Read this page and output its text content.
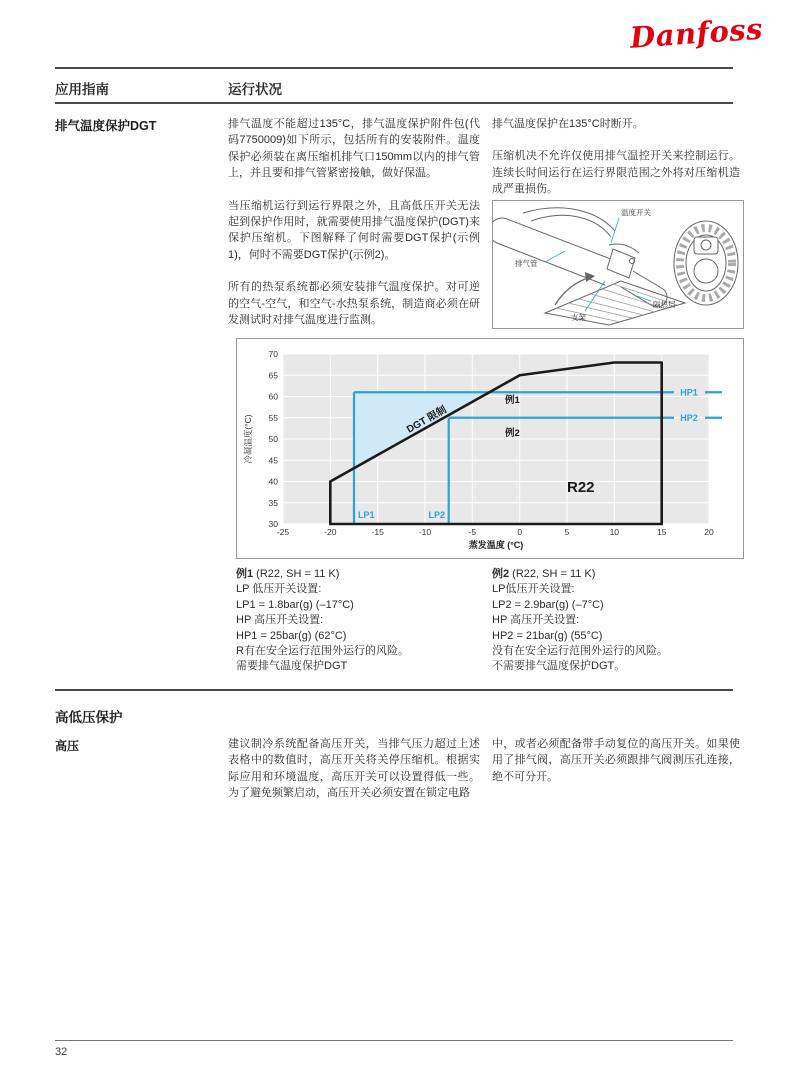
Danfoss
应用指南	运行状况
排气温度保护DGT	排气温度不能超过135°C，排气温度保护附件包(代码7750009)如下所示，包括所有的安装附件。温度保护必须装在离压缩机排气口150mm以内的排气管上，并且要和排气管紧密接触，做好保温。

当压缩机运行到运行界限之外，且高低压开关无法起到保护作用时，就需要使用排气温度保护(DGT)来保护压缩机。下图解释了何时需要DGT保护(示例1)，何时不需要DGT保护(示例2)。

所有的热泵系统都必须安装排气温度保护。对可逆的空气-空气，和空气-水热泵系统，制造商必须在研发测试时对排气温度进行监测。

排气温度保护在135°C时断开。

压缩机决不允许仅使用排气温控开关来控制运行。连续长时间运行在运行界限范围之外将对压缩机造成严重损伤。

温度开关
排气管
支架
隔热层
70
65
60
55
50
45
40
35
30
-25	-20	-15	-10	-5	0	5	10	15	20
冷凝温度(°C)
蒸发温度 (°C)
HP1
HP2
LP1	LP2
DGT 限制
例1
例2
R22
例1 (R22, SH = 11 K)
LP 低压开关设置:
LP1 = 1.8bar(g) (–17°C)
HP 高压开关设置:
HP1 = 25bar(g) (62°C)
R有在安全运行范围外运行的风险。
需要排气温度保护DGT
例2 (R22, SH = 11 K)
LP低压开关设置:
LP2 = 2.9bar(g) (–7°C)
HP 高压开关设置:
HP2 = 21bar(g) (55°C)
没有在安全运行范围外运行的风险。
不需要排气温度保护DGT。
高低压保护
高压	建议制冷系统配备高压开关，当排气压力超过上述表格中的数值时，高压开关将关停压缩机。根据实际应用和环境温度，高压开关可以设置得低一些。为了避免频繁启动，高压开关必须安置在锁定电路

中，或者必须配备带手动复位的高压开关。如果使用了排气阀，高压开关必须跟排气阀测压孔连接，绝不可分开。

32
